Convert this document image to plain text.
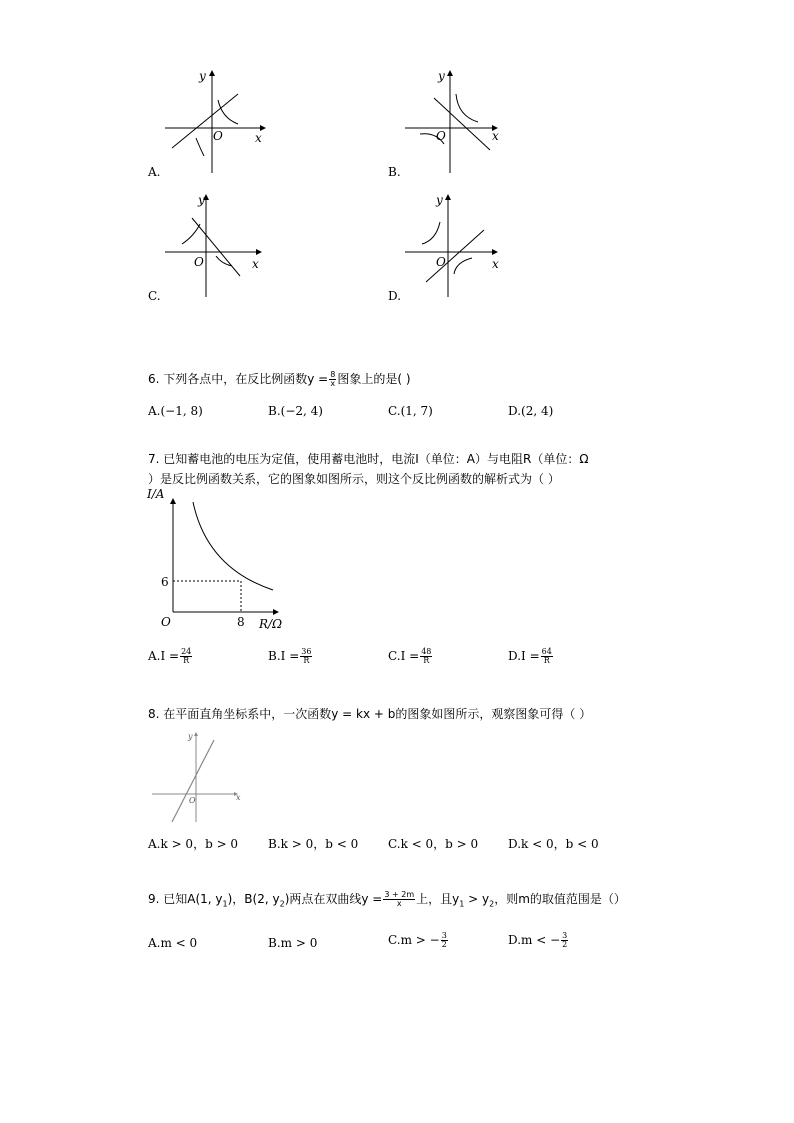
x
y
O
A.
x
y
O
B.
x
y
O
C.
x
y
O
D.
6. 下列各点中，在反比例函数$y = \frac{8}{x}$ 图象上的是( )
A.(−1, 8)	B.(−2, 4)	C.(1, 7)	D.(2, 4)
7. 已知蓄电池的电压为定值，使用蓄电池时，电流I（单位：A）与电阻R（单位：Ω
）是反比例函数关系，它的图象如图所示，则这个反比例函数的解析式为（ ）
I/A
R/Ω
O
6
8
$A.I = \frac{24}{R}$	$B.I = \frac{36}{R}$	$C.I = \frac{48}{R}$	$D.I = \frac{64}{R}$
8. 在平面直角坐标系中，一次函数y = kx + b的图象如图所示，观察图象可得（ ）
x
y
O
A.k > 0，b > 0 B.k > 0，b < 0 C.k < 0，b > 0 D.k < 0，b < 0
9. 已知A(1, $y_1$)，B(2, $y_2$)两点在双曲线$y = \frac{3 + 2m}{x}$ 上，且$y_1 > y_2$，则m的取值范围是（）
A.m < 0	B.m > 0	C.m > − $\frac{3}{2}$	D.m < − $\frac{3}{2}$
